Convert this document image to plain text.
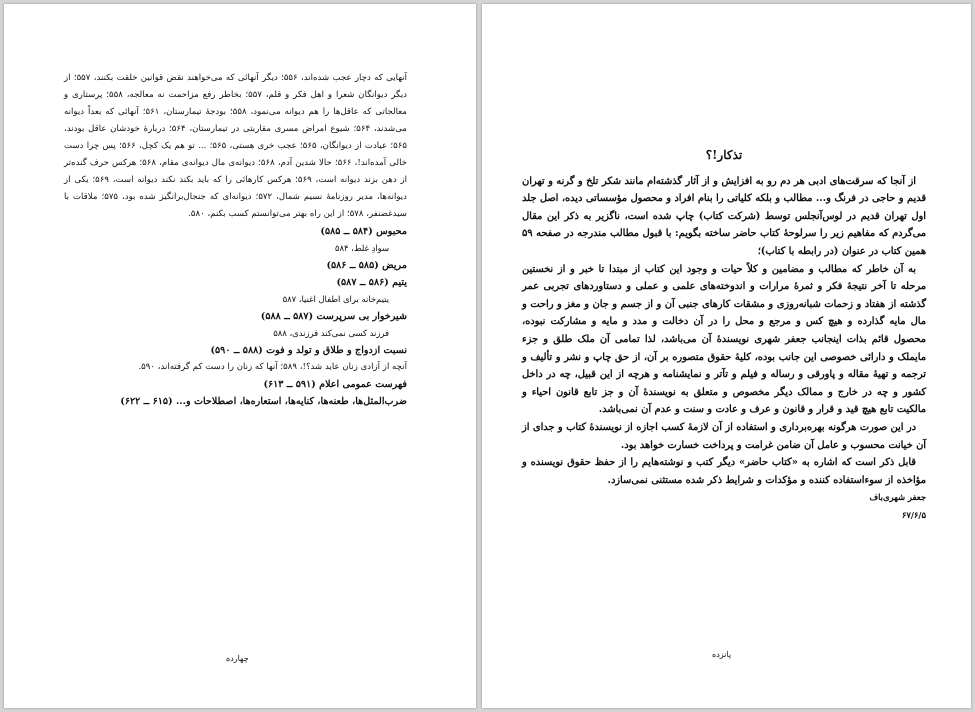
آنهایی که دچار عجب شده‌اند، ۵۵۶؛ دیگر آنهائی که می‌خواهند نقض قوانین خلقت بکنند، ۵۵۷؛ از دیگر دیوانگان شعرا و اهل فکر و قلم، ۵۵۷؛ بخاطر رفع مزاحمت نه معالجه، ۵۵۸؛ پرستاری و معالجاتی که عاقل‌ها را هم دیوانه می‌نمود، ۵۵۸؛ بودجهٔ تیمارستان، ۵۶۱؛ آنهائی که بعداً دیوانه می‌شدند، ۵۶۴؛ شیوع امراض مسری مقاربتی در تیمارستان، ۵۶۴؛ دربارهٔ خودشان عاقل بودند، ۵۶۵؛ عیادت از دیوانگان، ۵۶۵؛ عجب خری هستی، ۵۶۵؛ ... تو هم یک کچل، ۵۶۶؛ پس چرا دست خالی آمده‌اند!، ۵۶۶؛ حالا شدین آدم، ۵۶۸؛ دیوانه‌ی مال دیوانه‌ی مقام، ۵۶۸؛ هرکس حرف گنده‌تر از دهن بزند دیوانه است، ۵۶۹؛ هرکس کارهائی را که باید بکند نکند دیوانه است، ۵۶۹؛ یکی از دیوانه‌ها، مدیر روزنامهٔ نسیم شمال، ۵۷۲؛ دیوانه‌ای که جنجال‌برانگیز شده بود، ۵۷۵؛ ملاقات با سیدغضنفر، ۵۷۸؛ از این راه بهتر می‌توانستم کسب بکنم، ۵۸۰.

محبوس (۵۸۴ ــ ۵۸۵)
سوادِ غلط، ۵۸۴
مریض (۵۸۵ ــ ۵۸۶)
یتیم (۵۸۶ ــ ۵۸۷)
یتیم‌خانه برای اطفال اغنیا، ۵۸۷
شیرخوار بی سرپرست (۵۸۷ ــ ۵۸۸)
فرزند کسی نمی‌کند فرزندی، ۵۸۸
نسبت ازدواج و طلاق و تولد و فوت (۵۸۸ ــ ۵۹۰)
آنچه از آزادی زنان عاید شد؟!، ۵۸۹؛ آنها که زنان را دست کم گرفته‌اند، ۵۹۰.
فهرست عمومی اعلام (۵۹۱ ــ ۶۱۳)
ضرب‌المثل‌ها، طعنه‌ها، کنایه‌ها، استعاره‌ها، اصطلاحات و... (۶۱۵ ــ ۶۲۲)
چهارده
تذکار!؟

از آنجا که سرقت‌های ادبی هر دم رو به افزایش و از آثار گذشته‌ام مانند شکر تلخ و گرنه و تهران قدیم و حاجی در فرنگ و... مطالب و بلکه کلیاتی را بنام افراد و محصول مؤسساتی دیده، اصل جلد اول تهران قدیم در لوس‌آنجلس توسط (شرکت کتاب) چاپ شده است، ناگزیر به ذکر این مقال می‌گردم که مفاهیم زیر را سرلوحهٔ کتاب حاضر ساخته بگویم: با قبول مطالب مندرجه در صفحه ۵۹ همین کتاب در عنوان (در رابطه با کتاب)؛

به آن خاطر که مطالب و مضامین و کلاً حیات و وجود این کتاب از مبتدا تا خبر و از نخستین مرحله تا آخر نتیجهٔ فکر و ثمرهٔ مرارات و اندوخته‌های علمی و عملی و دستاوردهای تجربی عمر گذشته از هفتاد و زحمات شبانه‌روزی و مشقات کارهای جنبی آن و از جسم و جان و مغز و راحت و مال مایه گذارده و هیچ کس و مرجع و محل را در آن دخالت و مدد و مایه و مشارکت نبوده، محصول قائم بذات اینجانب جعفر شهری نویسندهٔ آن می‌باشد، لذا تمامی آن ملک طلق و جزء مایملک و دارائی خصوصی این جانب بوده، کلیهٔ حقوق متصوره بر آن، از حق چاپ و نشر و تألیف و ترجمه و تهیهٔ مقاله و پاورقی و رساله و فیلم و تآتر و نمایشنامه و هرچه از این قبیل، چه در داخل کشور و چه در خارج و ممالک دیگر مخصوص و متعلق به نویسندهٔ آن و جز تابع قانون احیاء و مالکیت تابع هیچ قید و قرار و قانون و عرف و عادت و سنت و عدم آن نمی‌باشد.

در این صورت هرگونه بهره‌برداری و استفاده از آن لازمهٔ کسب اجازه از نویسندهٔ کتاب و جدای از آن خیانت محسوب و عامل آن ضامن غرامت و پرداخت خسارت خواهد بود.

قابل ذکر است که اشاره به «کتاب حاضر» دیگر کتب و نوشته‌هایم را از حفظ حقوق نویسنده و مؤاخذه از سوءاستفاده کننده و مؤکدات و شرایط ذکر شده مستثنی نمی‌سازد.

جعفر شهری‌باف

۶۷/۶/۵

پانزده
